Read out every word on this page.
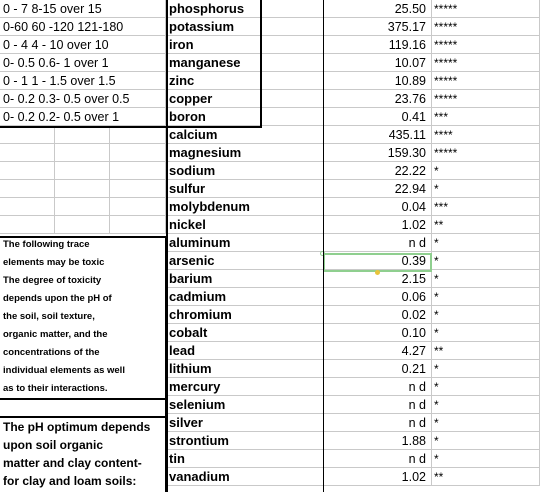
0 - 7 8-15 over 15	phosphorus	25.50 *****
0-60 60 -120 121-180	potassium	375.17 *****
0 - 4 4 - 10 over 10	iron	119.16 *****
0- 0.5 0.6- 1 over 1	manganese	10.07 *****
0 - 1 1 - 1.5 over 1.5	zinc	10.89 *****
0- 0.2 0.3- 0.5 over 0.5	copper	23.76 *****
0- 0.2 0.2- 0.5 over 1	boron	0.41 ***
calcium	435.11 ****
magnesium	159.30 *****
sodium	22.22 *
sulfur	22.94 *
molybdenum	0.04 ***
nickel	1.02 **
aluminum	n d *
arsenic	0.39 *
barium	2.15 *
cadmium	0.06 *
chromium	0.02 *
cobalt	0.10 *
lead	4.27 **
lithium	0.21 *
mercury	n d *
selenium	n d *
silver	n d *
strontium	1.88 *
tin	n d *
vanadium	1.02 **
The following trace
elements may be toxic
The degree of toxicity
depends upon the pH of
the soil, soil texture,
organic matter, and the
concentrations of the
individual elements as well
as to their interactions.
The pH optimum depends
upon soil organic
matter and clay content-
for clay and loam soils:
